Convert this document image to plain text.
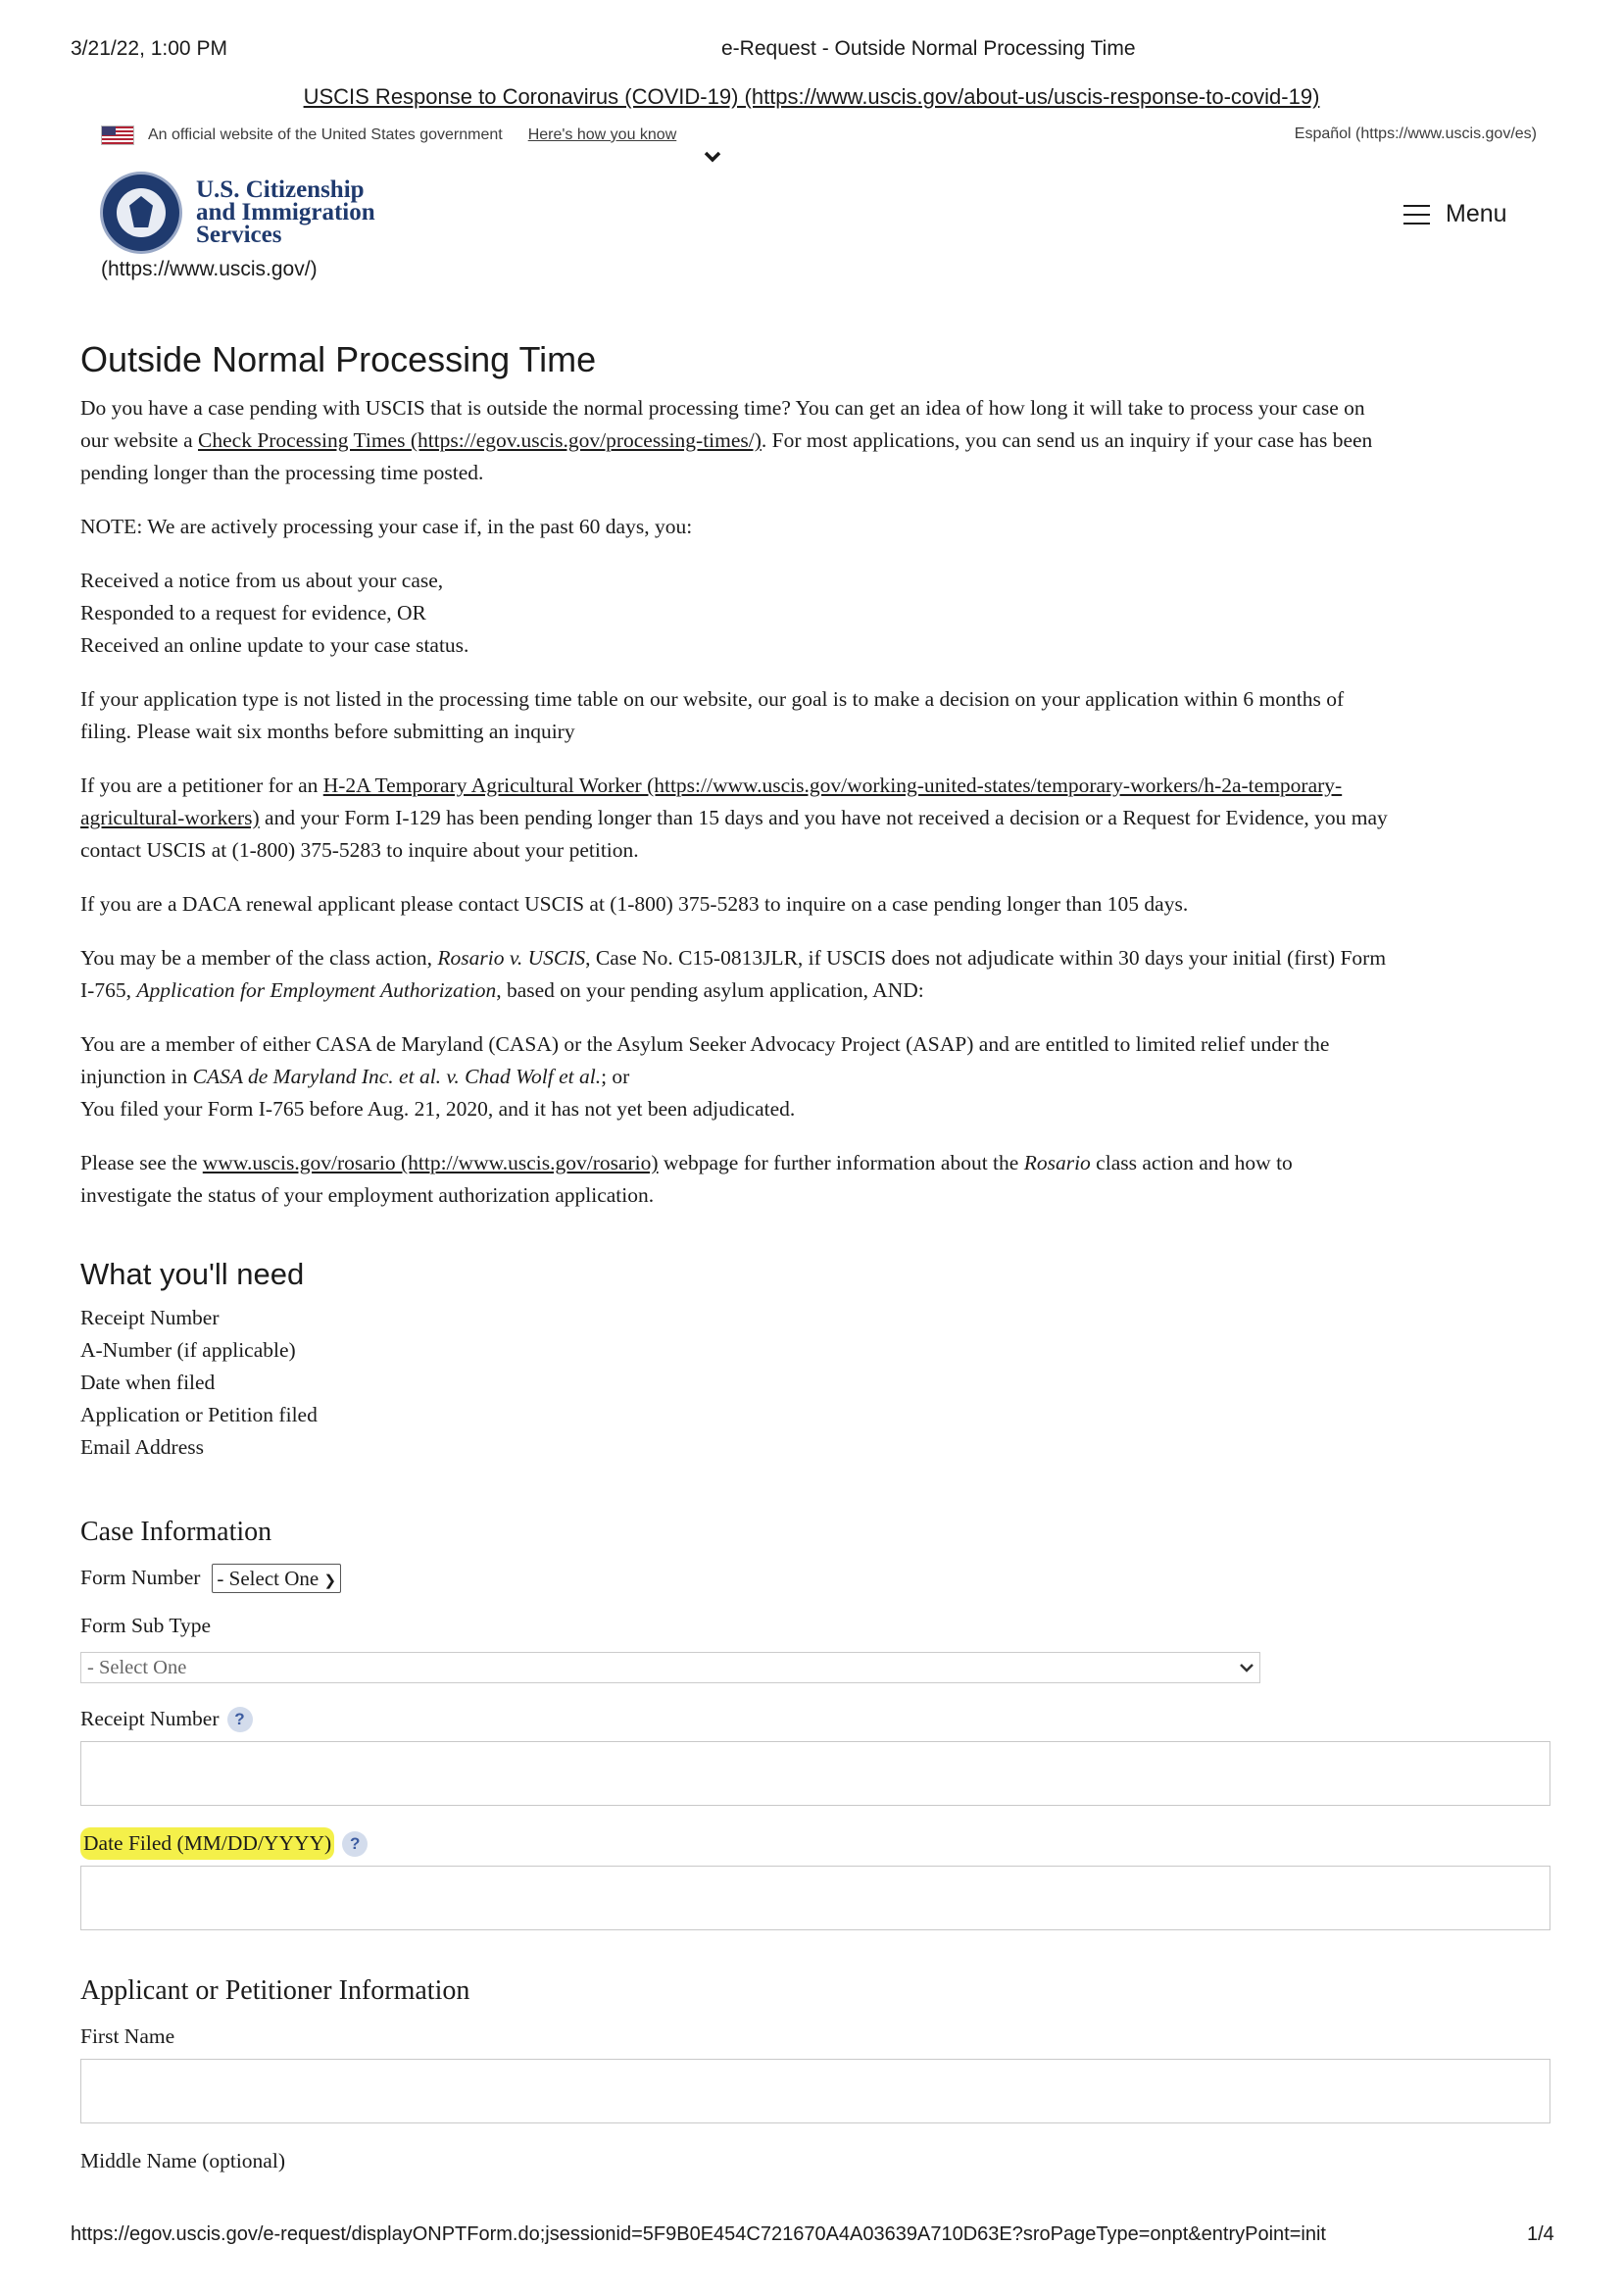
3/21/22, 1:00 PM	e-Request - Outside Normal Processing Time
USCIS Response to Coronavirus (COVID-19) (https://www.uscis.gov/about-us/uscis-response-to-covid-19)
An official website of the United States government Here's how you know	Español (https://www.uscis.gov/es)
U.S. Citizenship
and Immigration
Services
(https://www.uscis.gov/)
Menu
Outside Normal Processing Time

Do you have a case pending with USCIS that is outside the normal processing time? You can get an idea of how long it will take to process your case on
our website a Check Processing Times (https://egov.uscis.gov/processing-times/). For most applications, you can send us an inquiry if your case has been
pending longer than the processing time posted.

NOTE: We are actively processing your case if, in the past 60 days, you:

Received a notice from us about your case,
Responded to a request for evidence, OR
Received an online update to your case status.

If your application type is not listed in the processing time table on our website, our goal is to make a decision on your application within 6 months of
filing. Please wait six months before submitting an inquiry

If you are a petitioner for an H-2A Temporary Agricultural Worker (https://www.uscis.gov/working-united-states/temporary-workers/h-2a-temporary-
agricultural-workers) and your Form I-129 has been pending longer than 15 days and you have not received a decision or a Request for Evidence, you may
contact USCIS at (1-800) 375-5283 to inquire about your petition.

If you are a DACA renewal applicant please contact USCIS at (1-800) 375-5283 to inquire on a case pending longer than 105 days.

You may be a member of the class action, Rosario v. USCIS, Case No. C15-0813JLR, if USCIS does not adjudicate within 30 days your initial (first) Form
I-765, Application for Employment Authorization, based on your pending asylum application, AND:

You are a member of either CASA de Maryland (CASA) or the Asylum Seeker Advocacy Project (ASAP) and are entitled to limited relief under the
injunction in CASA de Maryland Inc. et al. v. Chad Wolf et al.; or
You filed your Form I-765 before Aug. 21, 2020, and it has not yet been adjudicated.

Please see the www.uscis.gov/rosario (http://www.uscis.gov/rosario) webpage for further information about the Rosario class action and how to
investigate the status of your employment authorization application.

What you'll need
Receipt Number
A-Number (if applicable)
Date when filed
Application or Petition filed
Email Address
Case Information
Form Number - Select One ❯
Form Sub Type
- Select One
Receipt Number ?
Date Filed (MM/DD/YYYY)	?
Applicant or Petitioner Information
First Name
Middle Name (optional)
https://egov.uscis.gov/e-request/displayONPTForm.do;jsessionid=5F9B0E454C721670A4A03639A710D63E?sroPageType=onpt&entryPoint=init	1/4
